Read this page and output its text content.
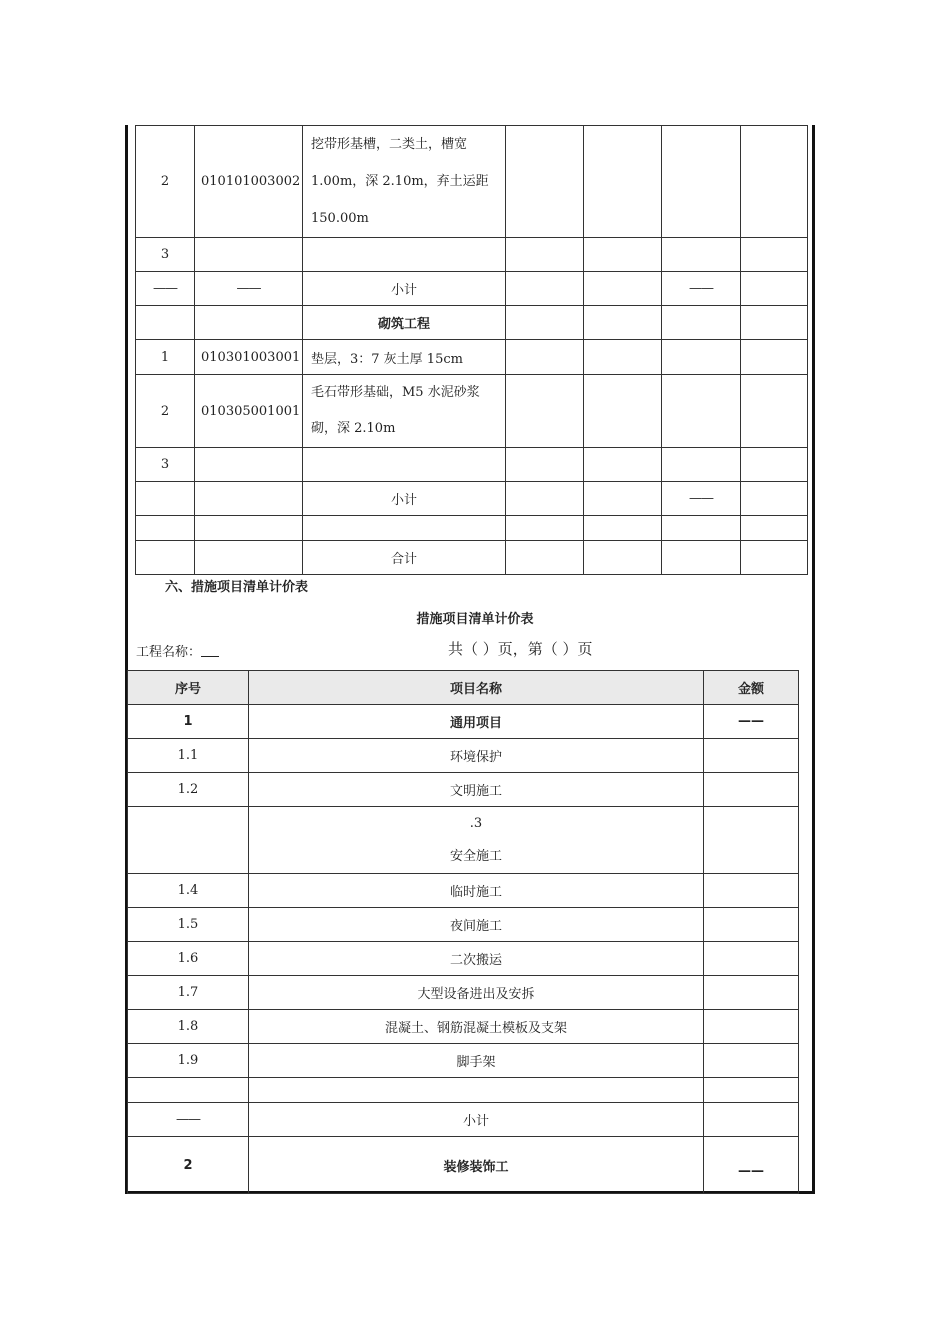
2	010101003002	挖带形基槽，二类土，槽宽
1.00m，深 2.10m，弃土运距
150.00m				

3						
——	——	小计			——	
		砌筑工程				
1	010301003001	垫层，3：7 灰土厚 15cm				
2	010305001001	毛石带形基础，M5 水泥砂浆
砌，深 2.10m				

3						
		小计			——	

		合计				
六、措施项目清单计价表
措施项目清单计价表
工程名称：	共（ ）页，第（ ）页
序号	项目名称	金额
1	通用项目	——
1.1	环境保护	
1.2	文明施工	

	.3
安全施工	

1.4	临时施工	
1.5	夜间施工	
1.6	二次搬运	
1.7	大型设备进出及安拆	
1.8	混凝土、钢筋混凝土模板及支架	
1.9	脚手架	

——	小计	
2	装修装饰工	——
